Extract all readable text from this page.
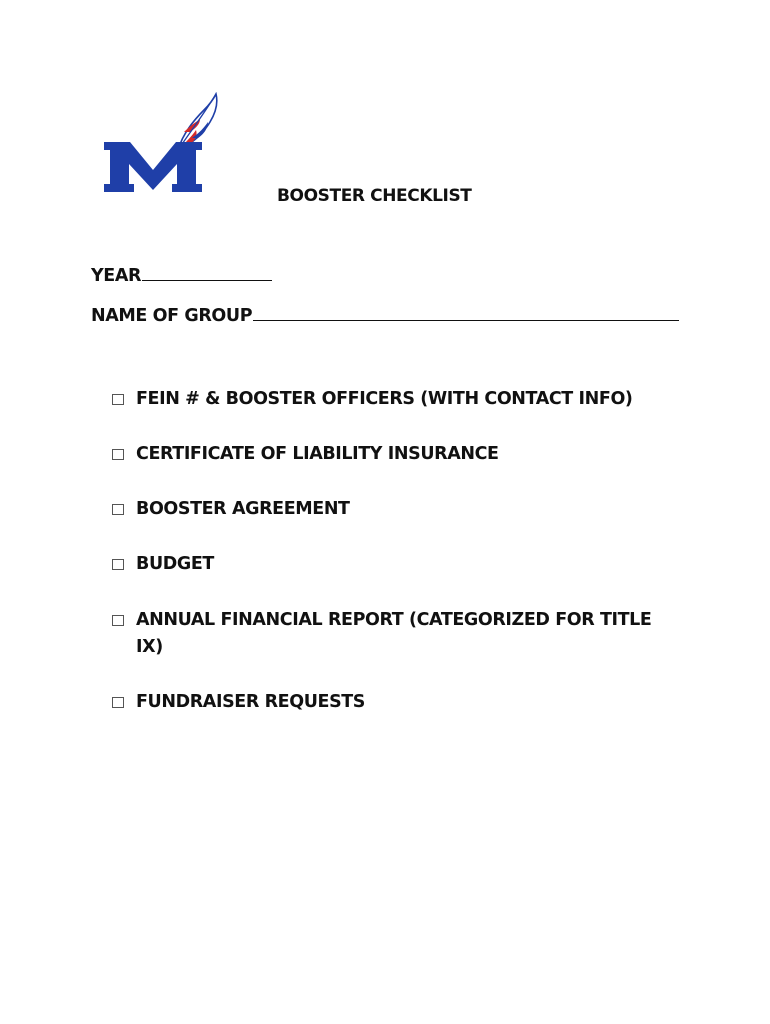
BOOSTER CHECKLIST
YEAR
NAME OF GROUP
FEIN # & BOOSTER OFFICERS (WITH CONTACT INFO)
CERTIFICATE OF LIABILITY INSURANCE
BOOSTER AGREEMENT
BUDGET
ANNUAL FINANCIAL REPORT (CATEGORIZED FOR TITLE IX)
FUNDRAISER REQUESTS
